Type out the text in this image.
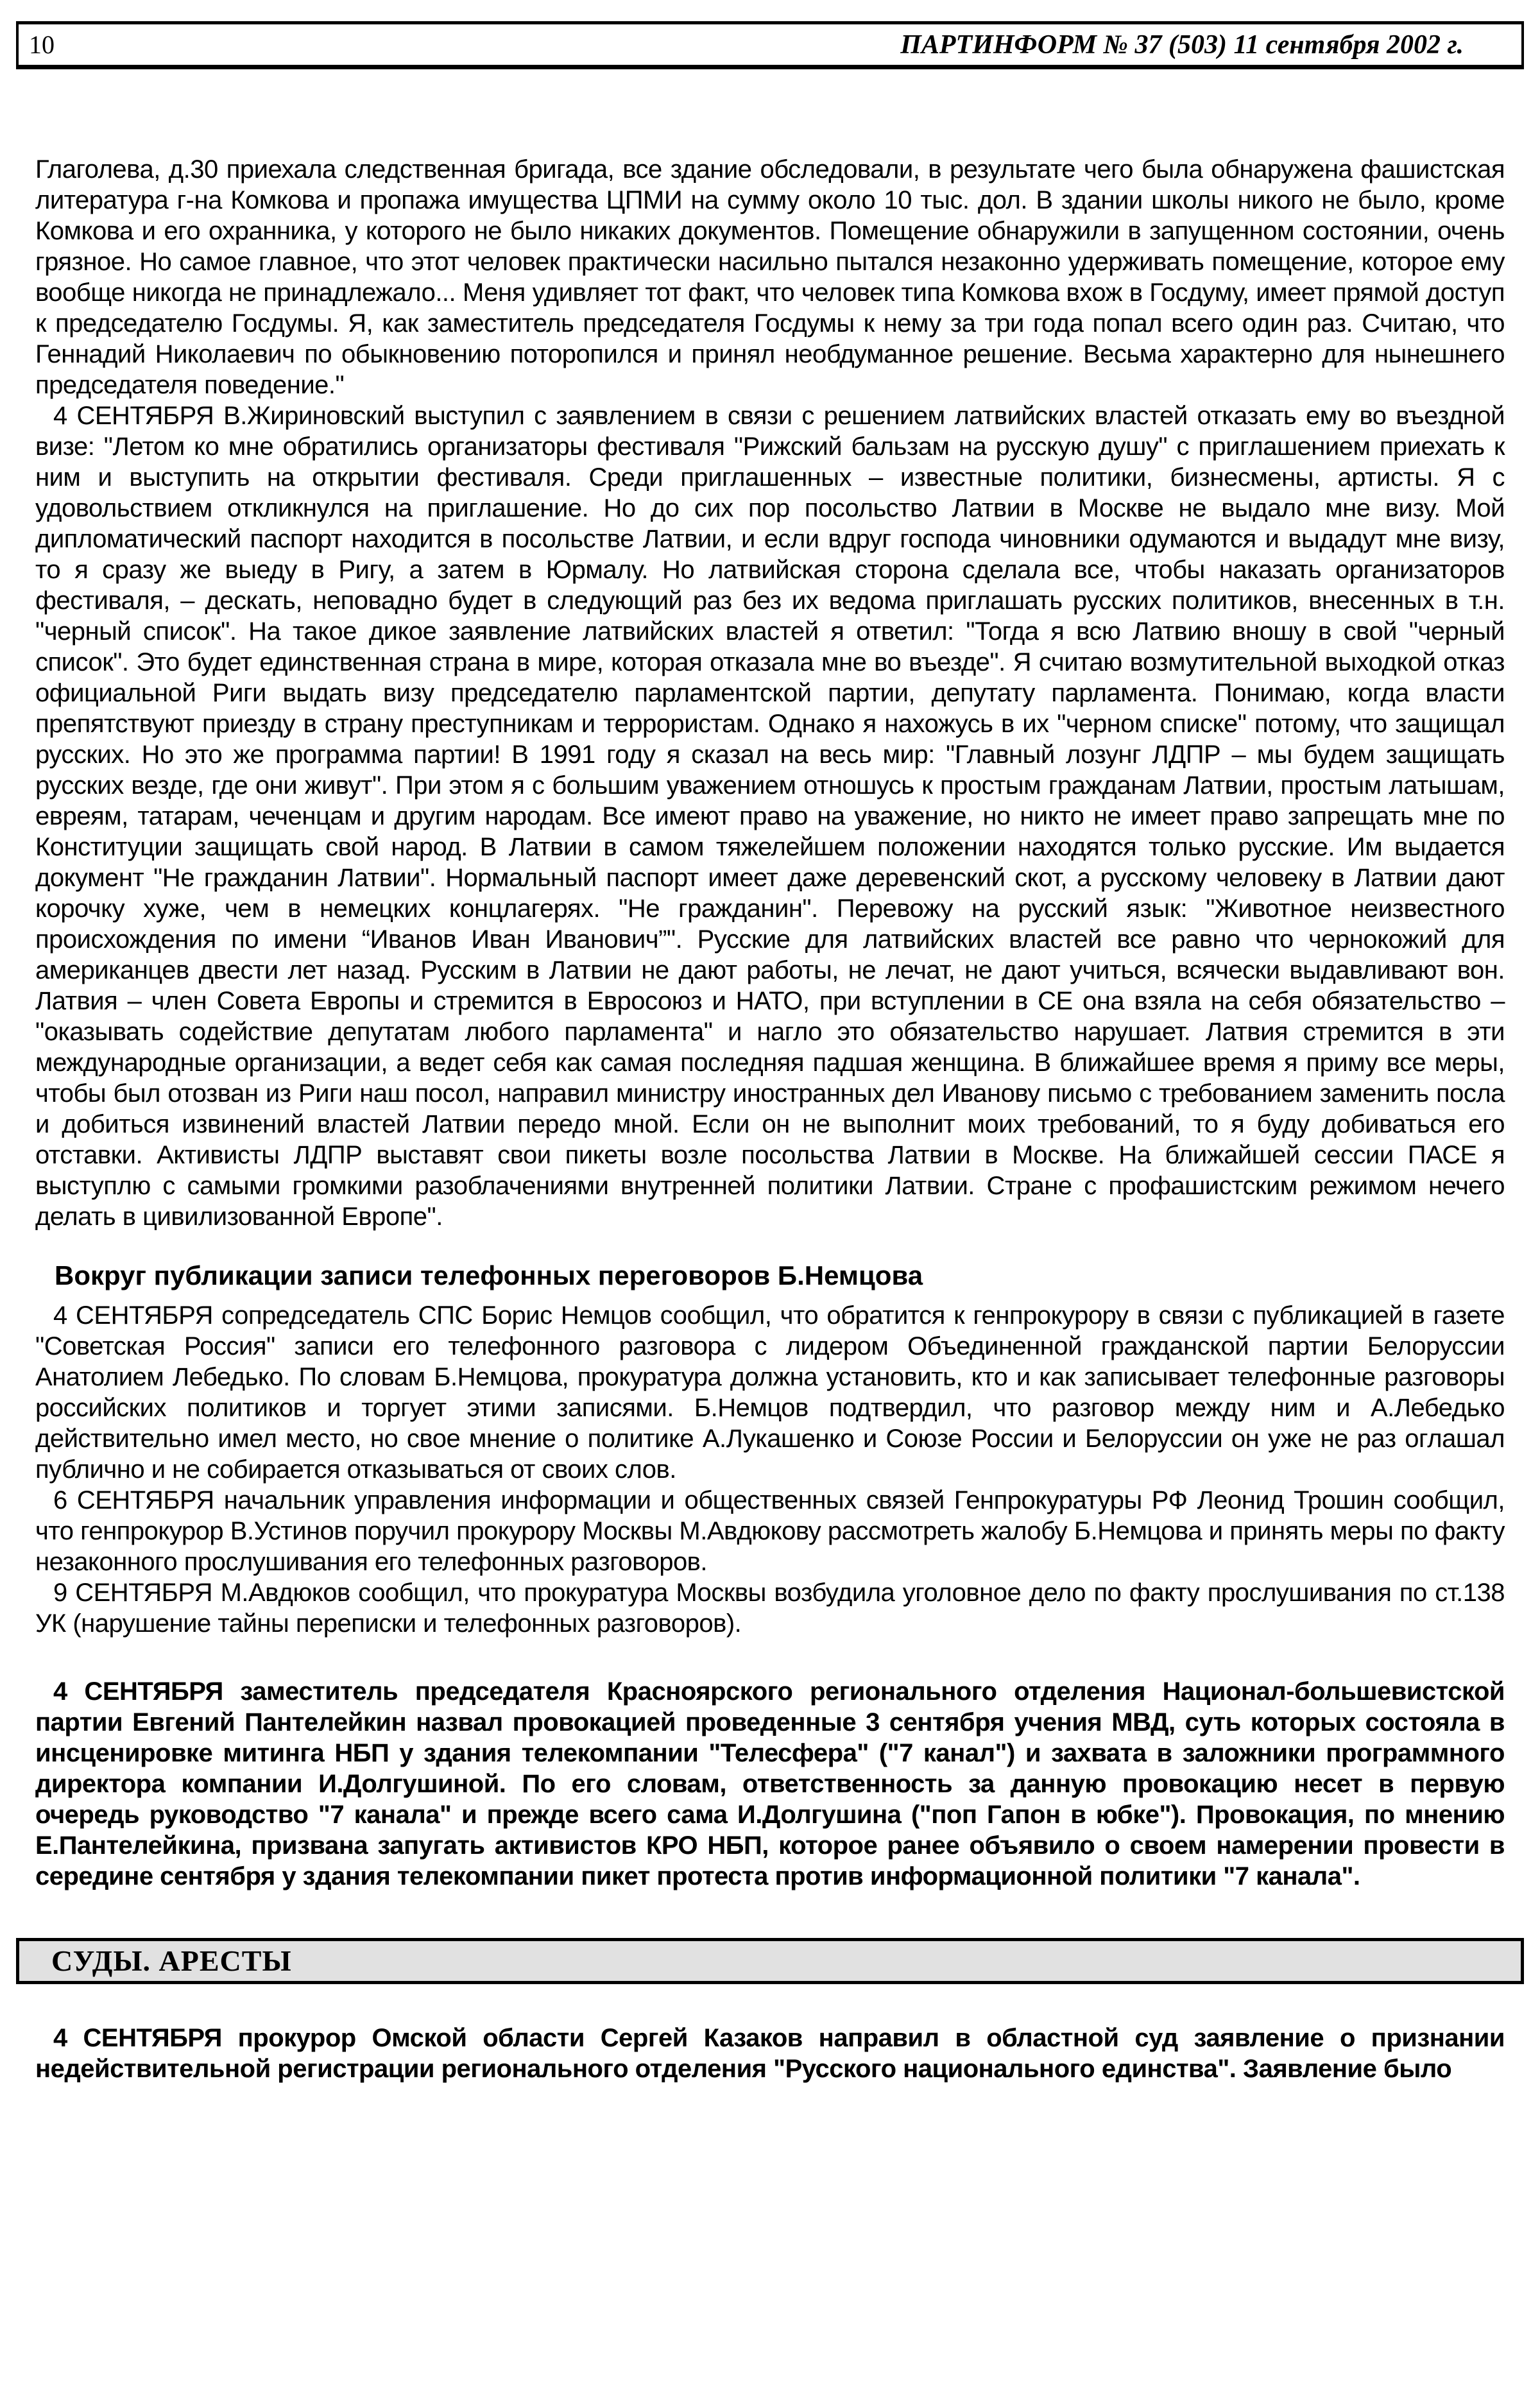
10	ПАРТИНФОРМ № 37 (503) 11 сентября 2002 г.

Глаголева, д.30 приехала следственная бригада, все здание обследовали, в результате чего была обнаружена фашистская литература г-на Комкова и пропажа имущества ЦПМИ на сумму около 10 тыс. дол. В здании школы никого не было, кроме Комкова и его охранника, у которого не было никаких документов. Помещение обнаружили в запущенном состоянии, очень грязное. Но самое главное, что этот человек практически насильно пытался незаконно удерживать помещение, которое ему вообще никогда не принадлежало... Меня удивляет тот факт, что человек типа Комкова вхож в Госдуму, имеет прямой доступ к председателю Госдумы. Я, как заместитель председателя Госдумы к нему за три года попал всего один раз. Считаю, что Геннадий Николаевич по обыкновению поторопился и принял необдуманное решение. Весьма характерно для нынешнего председателя поведение."

4 СЕНТЯБРЯ В.Жириновский выступил с заявлением в связи с решением латвийских властей отказать ему во въездной визе: "Летом ко мне обратились организаторы фестиваля "Рижский бальзам на русскую душу" с приглашением приехать к ним и выступить на открытии фестиваля. Среди приглашенных – известные политики, бизнесмены, артисты. Я с удовольствием откликнулся на приглашение. Но до сих пор посольство Латвии в Москве не выдало мне визу. Мой дипломатический паспорт находится в посольстве Латвии, и если вдруг господа чиновники одумаются и выдадут мне визу, то я сразу же выеду в Ригу, а затем в Юрмалу. Но латвийская сторона сделала все, чтобы наказать организаторов фестиваля, – дескать, неповадно будет в следующий раз без их ведома приглашать русских политиков, внесенных в т.н. "черный список". На такое дикое заявление латвийских властей я ответил: "Тогда я всю Латвию вношу в свой "черный список". Это будет единственная страна в мире, которая отказала мне во въезде". Я считаю возмутительной выходкой отказ официальной Риги выдать визу председателю парламентской партии, депутату парламента. Понимаю, когда власти препятствуют приезду в страну преступникам и террористам. Однако я нахожусь в их "черном списке" потому, что защищал русских. Но это же программа партии! В 1991 году я сказал на весь мир: "Главный лозунг ЛДПР – мы будем защищать русских везде, где они живут". При этом я с большим уважением отношусь к простым гражданам Латвии, простым латышам, евреям, татарам, чеченцам и другим народам. Все имеют право на уважение, но никто не имеет право запрещать мне по Конституции защищать свой народ. В Латвии в самом тяжелейшем положении находятся только русские. Им выдается документ "Не гражданин Латвии". Нормальный паспорт имеет даже деревенский скот, а русскому человеку в Латвии дают корочку хуже, чем в немецких концлагерях. "Не гражданин". Перевожу на русский язык: "Животное неизвестного происхождения по имени “Иванов Иван Иванович”". Русские для латвийских властей все равно что чернокожий для американцев двести лет назад. Русским в Латвии не дают работы, не лечат, не дают учиться, всячески выдавливают вон. Латвия – член Совета Европы и стремится в Евросоюз и НАТО, при вступлении в СЕ она взяла на себя обязательство – "оказывать содействие депутатам любого парламента" и нагло это обязательство нарушает. Латвия стремится в эти международные организации, а ведет себя как самая последняя падшая женщина. В ближайшее время я приму все меры, чтобы был отозван из Риги наш посол, направил министру иностранных дел Иванову письмо с требованием заменить посла и добиться извинений властей Латвии передо мной. Если он не выполнит моих требований, то я буду добиваться его отставки. Активисты ЛДПР выставят свои пикеты возле посольства Латвии в Москве. На ближайшей сессии ПАСЕ я выступлю с самыми громкими разоблачениями внутренней политики Латвии. Стране с профашистским режимом нечего делать в цивилизованной Европе".

Вокруг публикации записи телефонных переговоров Б.Немцова

4 СЕНТЯБРЯ сопредседатель СПС Борис Немцов сообщил, что обратится к генпрокурору в связи с публикацией в газете "Советская Россия" записи его телефонного разговора с лидером Объединенной гражданской партии Белоруссии Анатолием Лебедько. По словам Б.Немцова, прокуратура должна установить, кто и как записывает телефонные разговоры российских политиков и торгует этими записями. Б.Немцов подтвердил, что разговор между ним и А.Лебедько действительно имел место, но свое мнение о политике А.Лукашенко и Союзе России и Белоруссии он уже не раз оглашал публично и не собирается отказываться от своих слов.

6 СЕНТЯБРЯ начальник управления информации и общественных связей Генпрокуратуры РФ Леонид Трошин сообщил, что генпрокурор В.Устинов поручил прокурору Москвы М.Авдюкову рассмотреть жалобу Б.Немцова и принять меры по факту незаконного прослушивания его телефонных разговоров.

9 СЕНТЯБРЯ М.Авдюков сообщил, что прокуратура Москвы возбудила уголовное дело по факту прослушивания по ст.138 УК (нарушение тайны переписки и телефонных разговоров).

4 СЕНТЯБРЯ заместитель председателя Красноярского регионального отделения Национал-большевистской партии Евгений Пантелейкин назвал провокацией проведенные 3 сентября учения МВД, суть которых состояла в инсценировке митинга НБП у здания телекомпании "Телесфера" ("7 канал") и захвата в заложники программного директора компании И.Долгушиной. По его словам, ответственность за данную провокацию несет в первую очередь руководство "7 канала" и прежде всего сама И.Долгушина ("поп Гапон в юбке"). Провокация, по мнению Е.Пантелейкина, призвана запугать активистов КРО НБП, которое ранее объявило о своем намерении провести в середине сентября у здания телекомпании пикет протеста против информационной политики "7 канала".

СУДЫ. АРЕСТЫ

4 СЕНТЯБРЯ прокурор Омской области Сергей Казаков направил в областной суд заявление о признании недействительной регистрации регионального отделения "Русского национального единства". Заявление было
